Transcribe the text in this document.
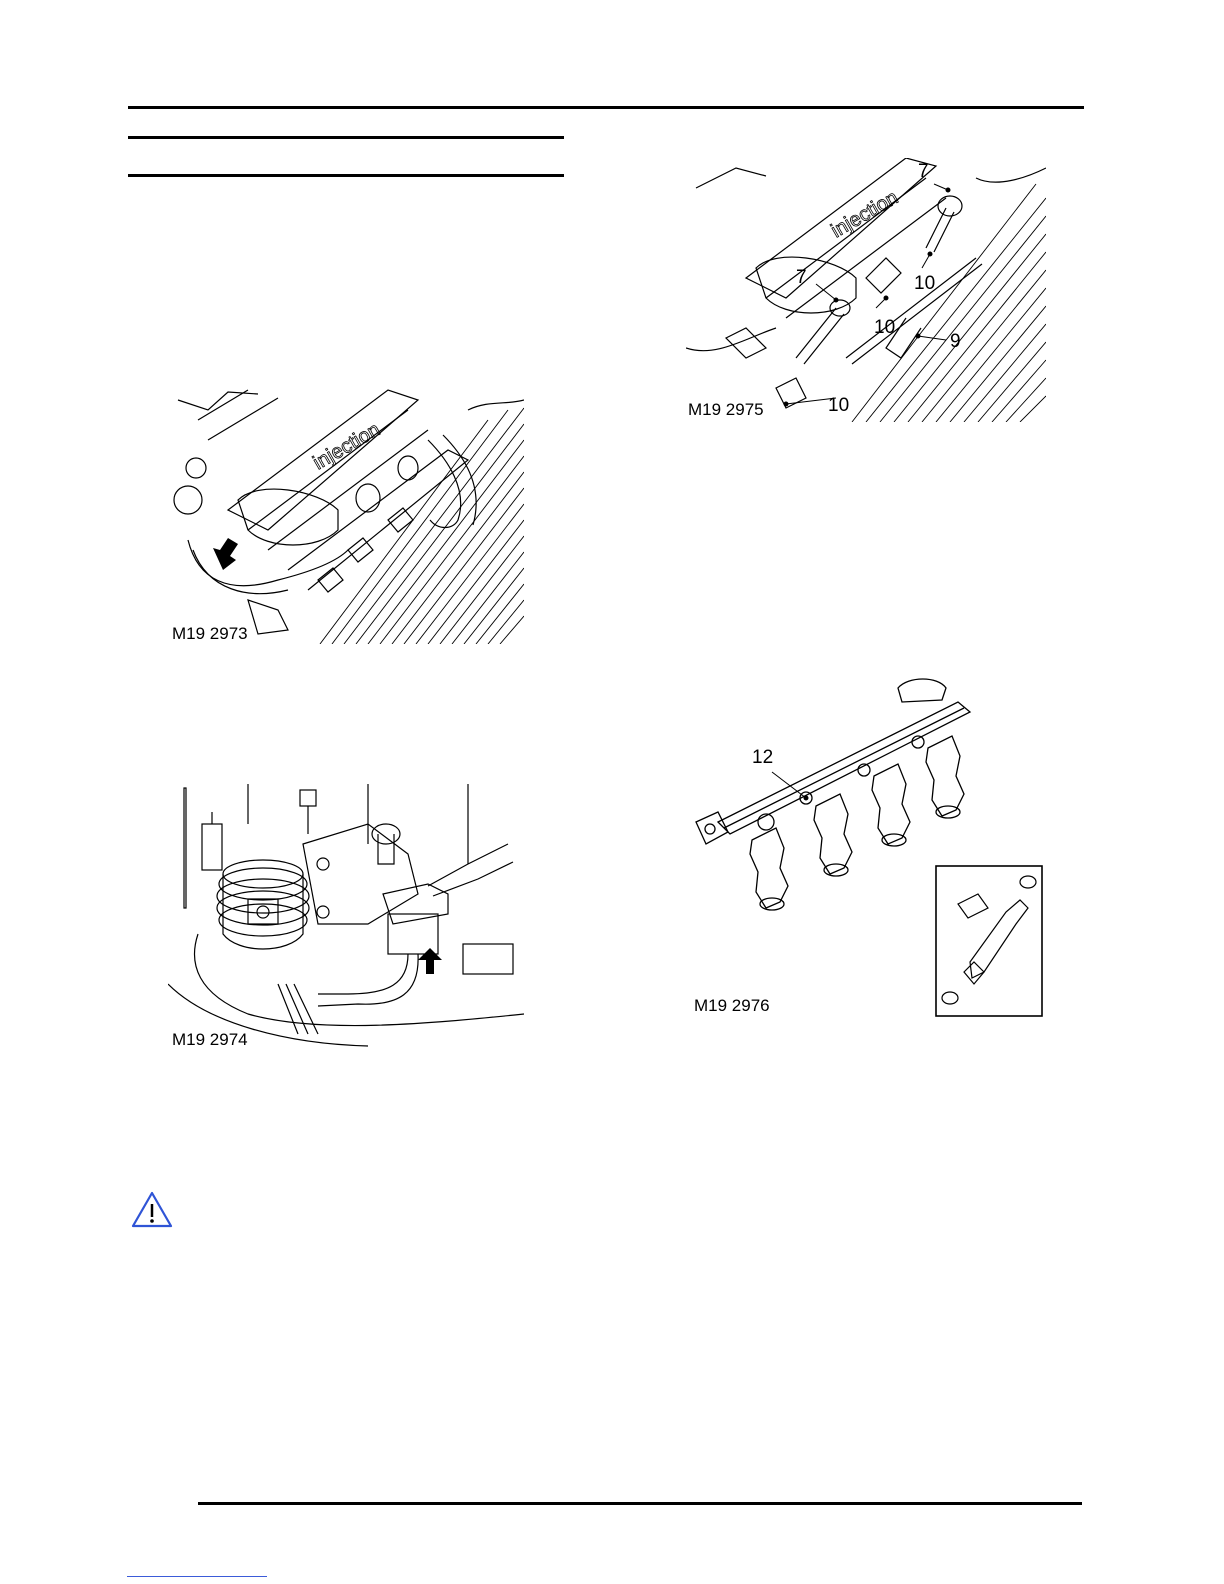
injection
M19 2973
M19 2974
injection
7
7	10
10
9
10
M19 2975
12
M19 2976
